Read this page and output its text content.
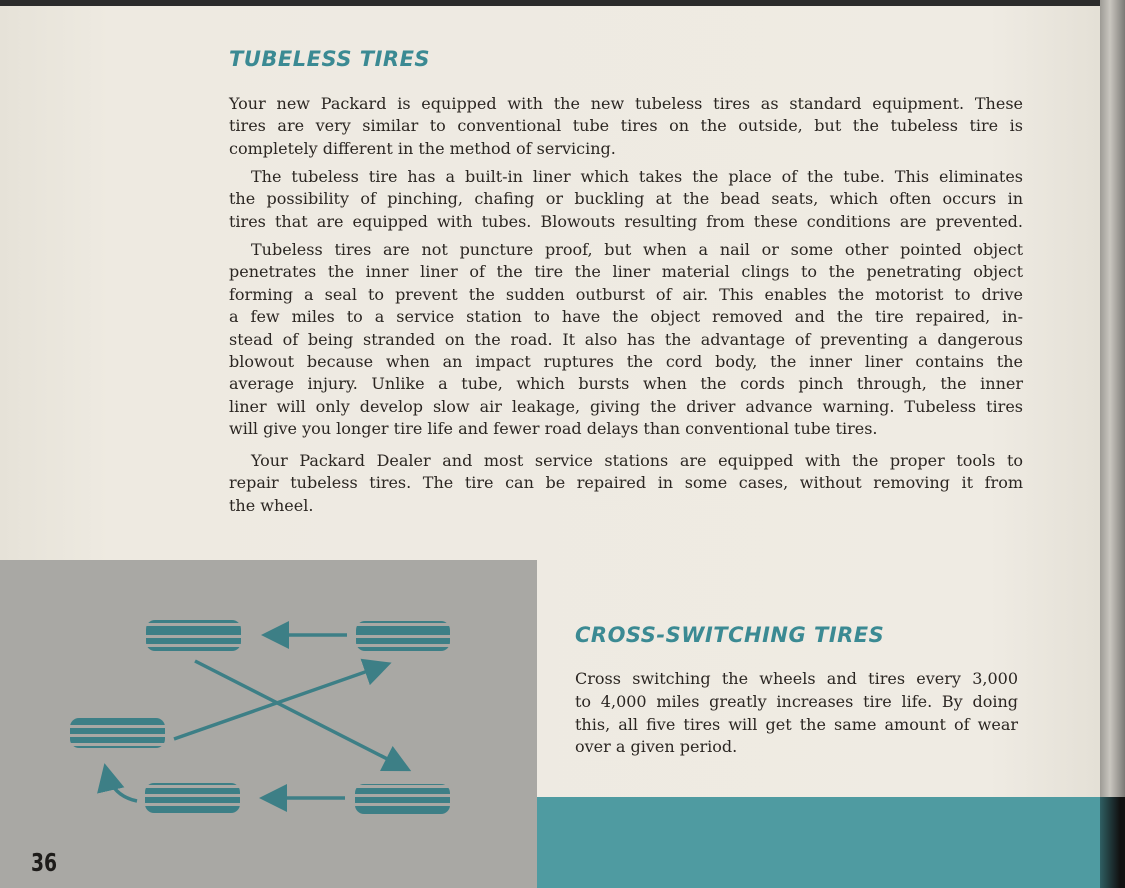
TUBELESS TIRES
Your new Packard is equipped with the new tubeless tires as standard equipment. These
tires are very similar to conventional tube tires on the outside, but the tubeless tire is
completely different in the method of servicing.
The tubeless tire has a built-in liner which takes the place of the tube. This eliminates
the possibility of pinching, chafing or buckling at the bead seats, which often occurs in
tires that are equipped with tubes. Blowouts resulting from these conditions are prevented.
Tubeless tires are not puncture proof, but when a nail or some other pointed object
penetrates the inner liner of the tire the liner material clings to the penetrating object
forming a seal to prevent the sudden outburst of air. This enables the motorist to drive
a few miles to a service station to have the object removed and the tire repaired, in-
stead of being stranded on the road. It also has the advantage of preventing a dangerous
blowout because when an impact ruptures the cord body, the inner liner contains the
average injury. Unlike a tube, which bursts when the cords pinch through, the inner
liner will only develop slow air leakage, giving the driver advance warning. Tubeless tires
will give you longer tire life and fewer road delays than conventional tube tires.
Your Packard Dealer and most service stations are equipped with the proper tools to
repair tubeless tires. The tire can be repaired in some cases, without removing it from
the wheel.
CROSS-SWITCHING TIRES
Cross switching the wheels and tires every 3,000
to 4,000 miles greatly increases tire life. By doing
this, all five tires will get the same amount of wear
over a given period.
36
